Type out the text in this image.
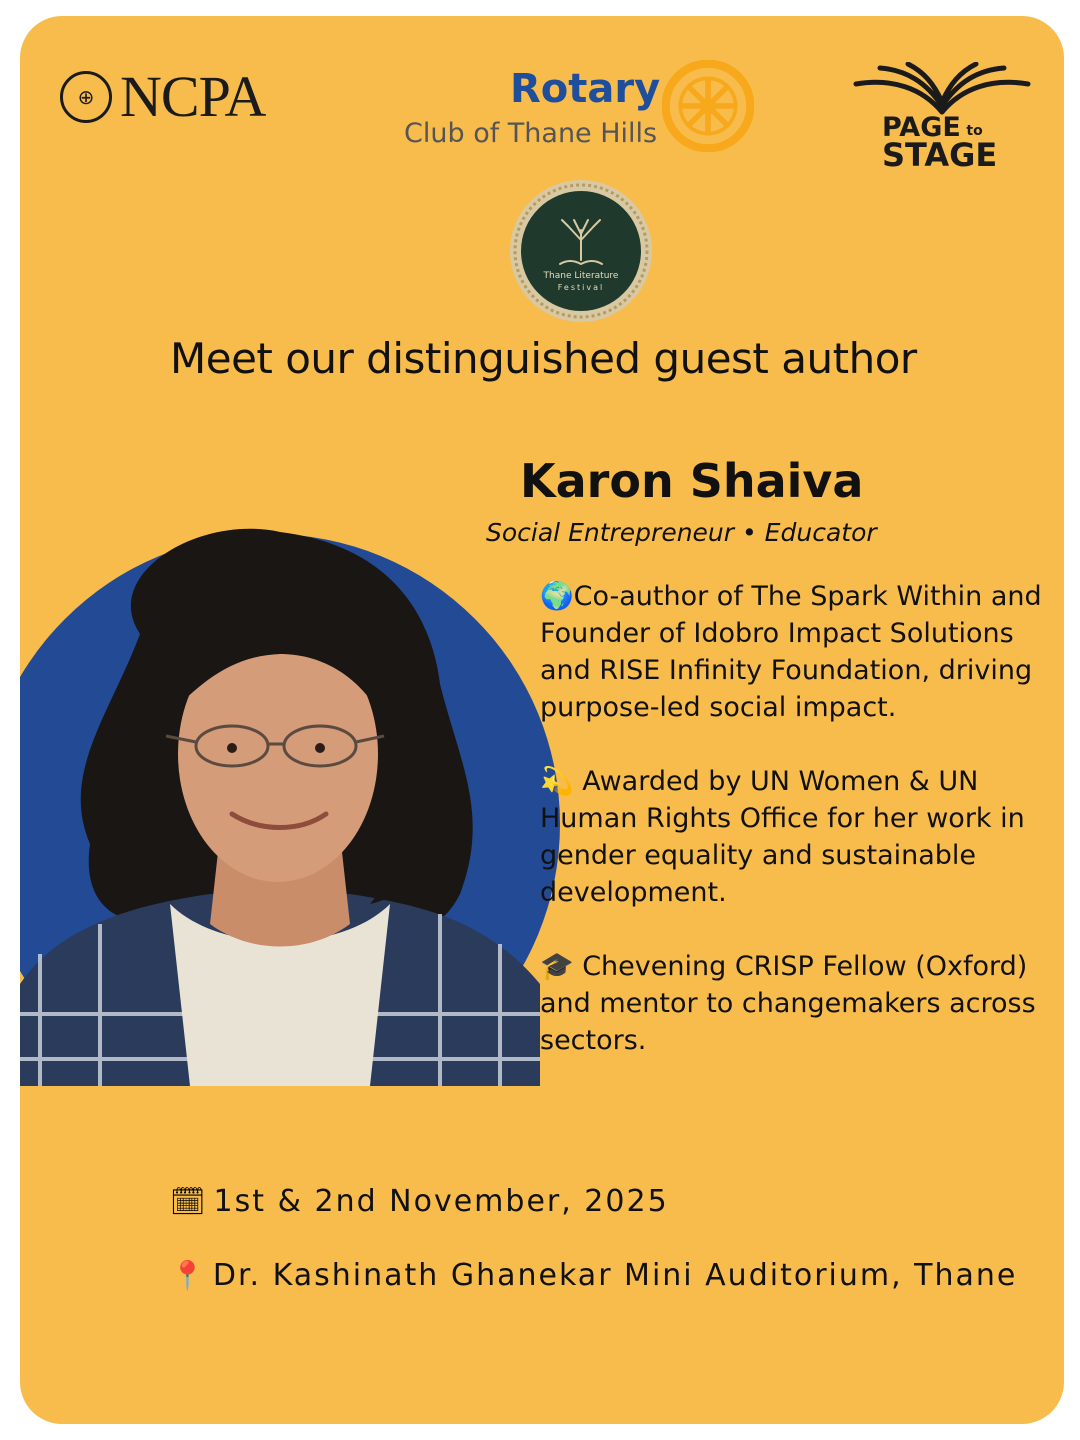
⊕ NCPA	Rotary
Club of Thane Hills	PAGE to
STAGE
Thane Literature
Festival
Meet our distinguished guest author
Karon Shaiva
Social Entrepreneur • Educator

🌍Co-author of The Spark Within and Founder of Idobro Impact Solutions and RISE Infinity Foundation, driving purpose-led social impact.

💫 Awarded by UN Women & UN Human Rights Office for her work in gender equality and sustainable development.

🎓 Chevening CRISP Fellow (Oxford) and mentor to changemakers across sectors.

🗓 1st & 2nd November, 2025
📍 Dr. Kashinath Ghanekar Mini Auditorium, Thane
